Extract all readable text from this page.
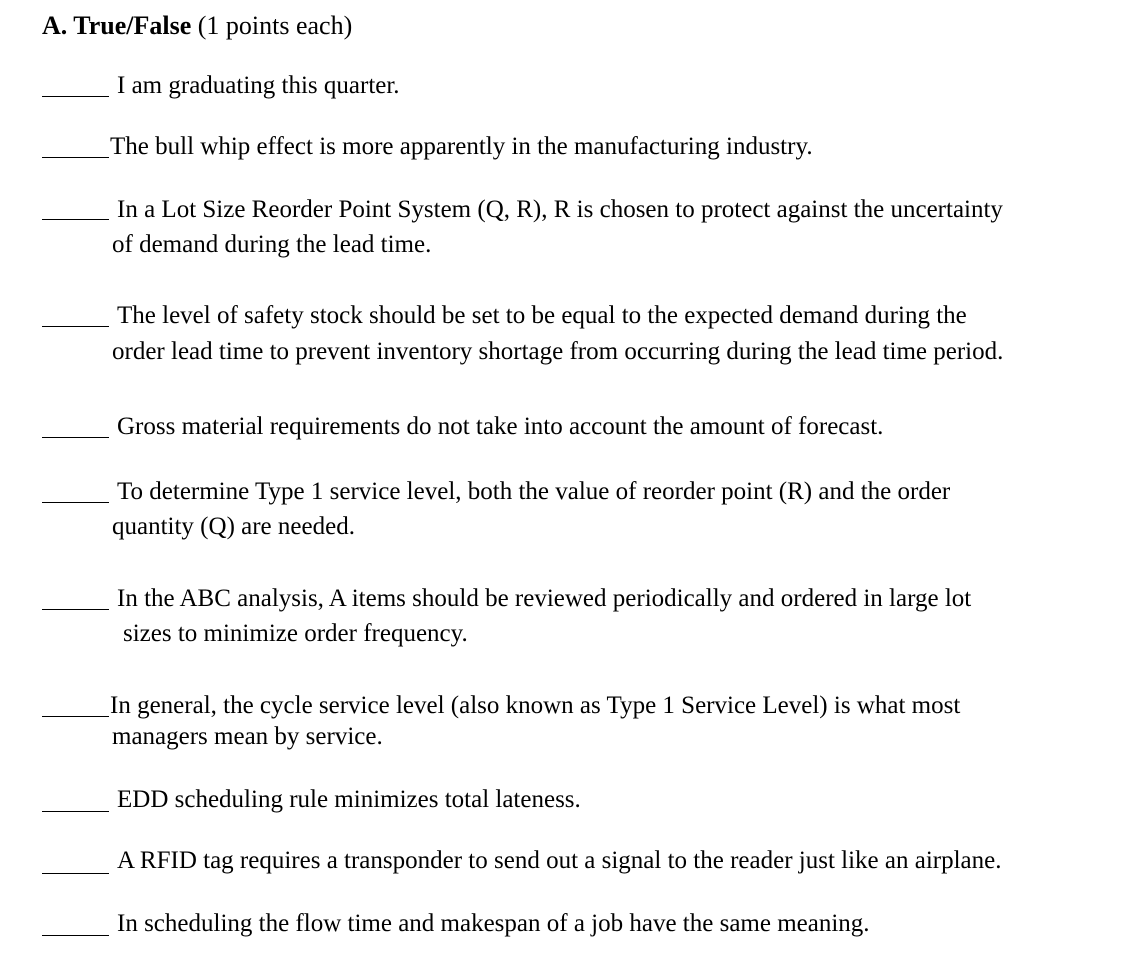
A. True/False (1 points each)
I am graduating this quarter.
The bull whip effect is more apparently in the manufacturing industry.
In a Lot Size Reorder Point System (Q, R), R is chosen to protect against the uncertainty
of demand during the lead time.
The level of safety stock should be set to be equal to the expected demand during the
order lead time to prevent inventory shortage from occurring during the lead time period.
Gross material requirements do not take into account the amount of forecast.
To determine Type 1 service level, both the value of reorder point (R) and the order
quantity (Q) are needed.
In the ABC analysis, A items should be reviewed periodically and ordered in large lot
sizes to minimize order frequency.
In general, the cycle service level (also known as Type 1 Service Level) is what most
managers mean by service.
EDD scheduling rule minimizes total lateness.
A RFID tag requires a transponder to send out a signal to the reader just like an airplane.
In scheduling the flow time and makespan of a job have the same meaning.
